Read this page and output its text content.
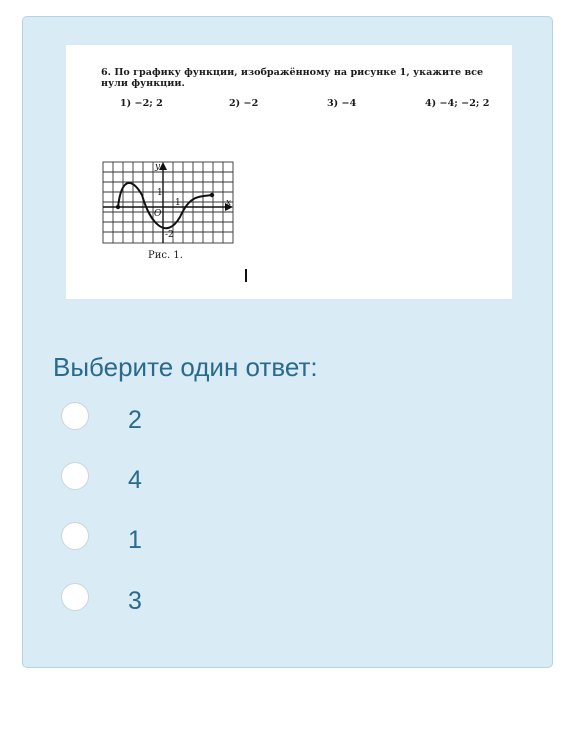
6. По графику функции, изображённому на рисунке 1, укажите все нули функции.
1) −2; 2	2) −2	3) −4	4) −4; −2; 2
y
x
O
1
1
-2
Рис. 1.
Выберите один ответ:
2
4
1
3
